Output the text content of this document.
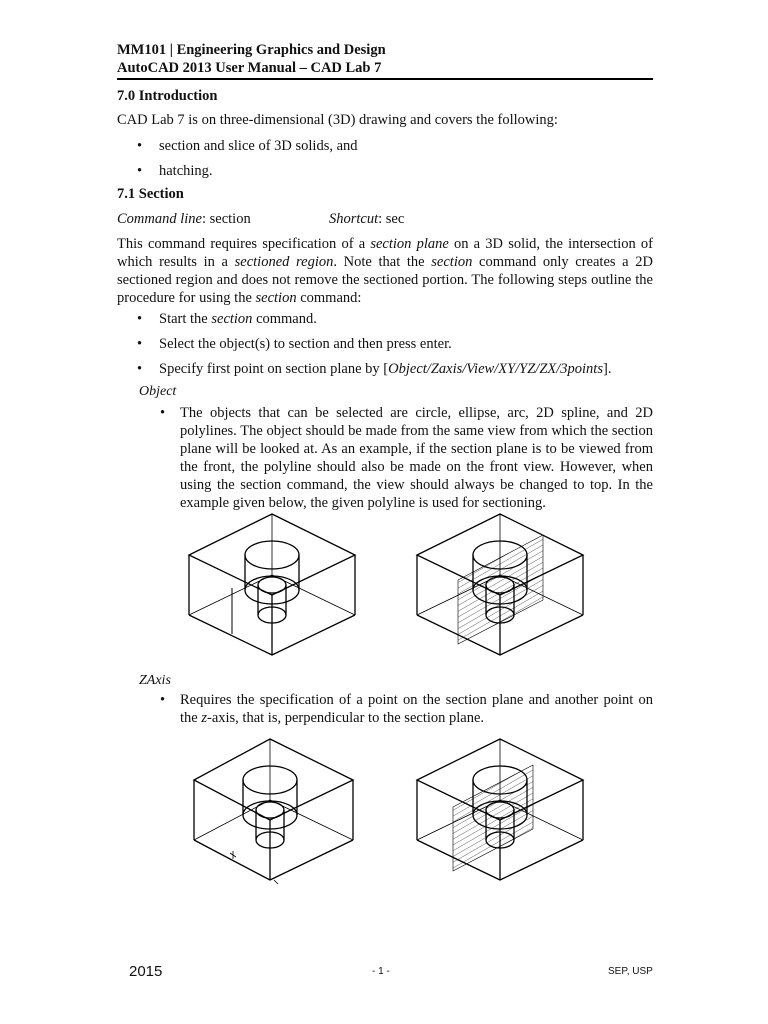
MM101 | Engineering Graphics and Design
AutoCAD 2013 User Manual – CAD Lab 7
7.0 Introduction
CAD Lab 7 is on three-dimensional (3D) drawing and covers the following:
• section and slice of 3D solids, and
• hatching.
7.1 Section
Command line: section	Shortcut: sec
This command requires specification of a section plane on a 3D solid, the intersection of which results in a sectioned region. Note that the section command only creates a 2D sectioned region and does not remove the sectioned portion. The following steps outline the procedure for using the section command:
• Start the section command.
• Select the object(s) to section and then press enter.
• Specify first point on section plane by [Object/Zaxis/View/XY/YZ/ZX/3points].
Object
• The objects that can be selected are circle, ellipse, arc, 2D spline, and 2D polylines. The object should be made from the same view from which the section plane will be looked at. As an example, if the section plane is to be viewed from the front, the polyline should also be made on the front view. However, when using the section command, the view should always be changed to top. In the example given below, the given polyline is used for sectioning.
ZAxis
• Requires the specification of a point on the section plane and another point on the z-axis, that is, perpendicular to the section plane.
2015	- 1 -	SEP, USP
